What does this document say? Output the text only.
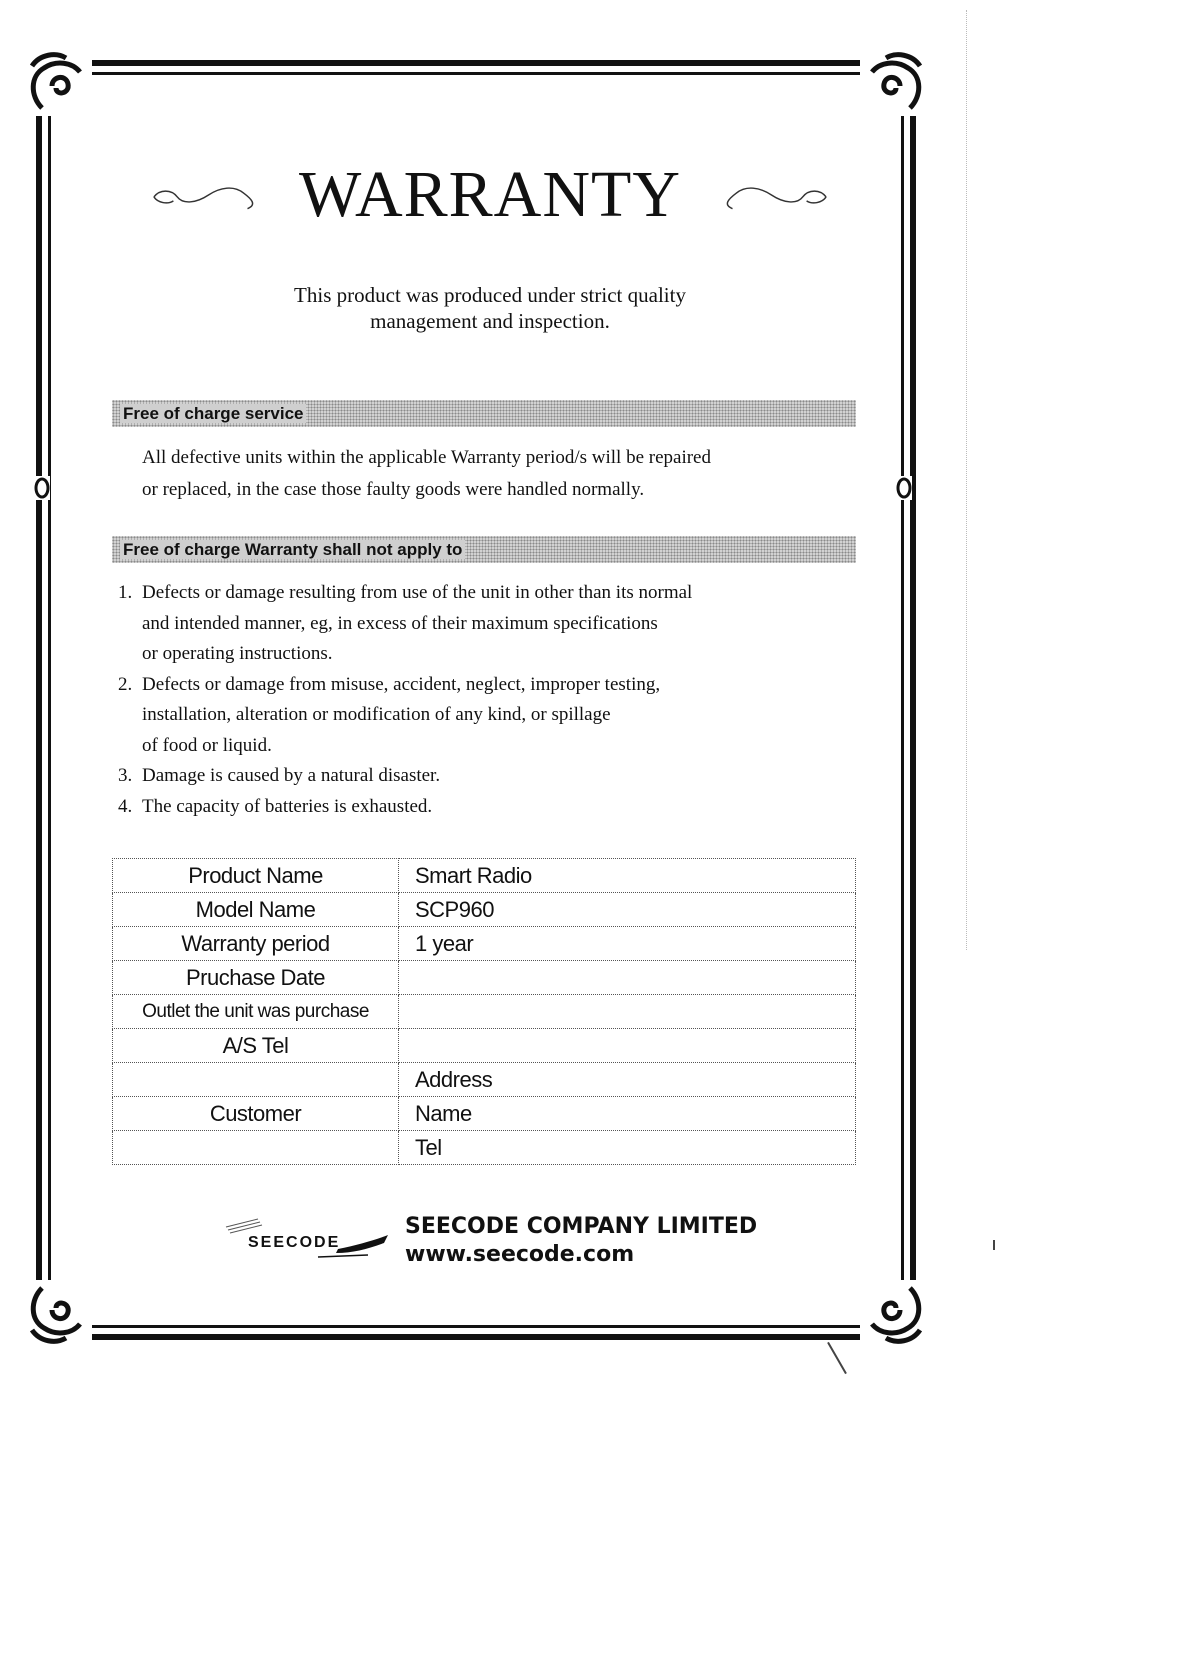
WARRANTY
This product was produced under strict quality
management and inspection.
Free of charge service
All defective units within the applicable Warranty period/s will be repaired
or replaced, in the case those faulty goods were handled normally.
Free of charge Warranty shall not apply to
1. Defects or damage resulting from use of the unit in other than its normal
and intended manner, eg, in excess of their maximum specifications
or operating instructions.
2. Defects or damage from misuse, accident, neglect, improper testing,
installation, alteration or modification of any kind, or spillage
of food or liquid.
3. Damage is caused by a natural disaster.
4. The capacity of batteries is exhausted.
Product Name	Smart Radio
Model Name	SCP960
Warranty period	1 year
Pruchase Date	
Outlet the unit was purchase	
A/S Tel	
	Address
Customer	Name
	Tel
SEECODE
SEECODE COMPANY LIMITED
www.seecode.com
